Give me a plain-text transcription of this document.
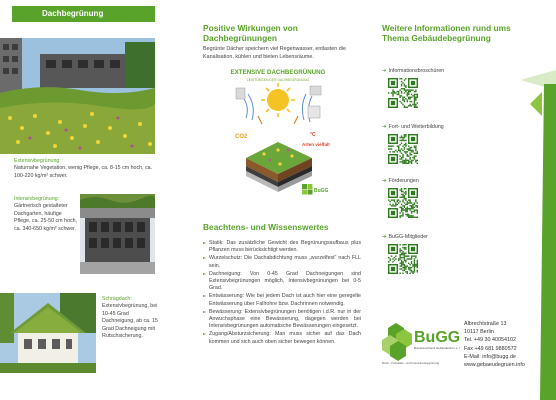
Dachbegrünung
Extensivbegrünung:
Naturnahe Vegetation, wenig Pflege, ca. 8-15 cm hoch, ca. 100-220 kg/m² schwer.
Intensivbegrünung:
Gärtnerisch gestalteter Dachgarten, häufige Pflege, ca. 25-50 cm hoch, ca. 340-650 kg/m² schwer.
Schrägdach:
Extensivbegrünung, bei 10-45 Grad Dachneigung, ab ca. 15 Grad Dachneigung mit Rutschsicherung.
Positive Wirkungen von Dachbegrünungen
Begrünte Dächer speichern viel Regenwasser, entlasten die Kanalisation, kühlen und bieten Lebensräume.
EXTENSIVE DACHBEGRÜNUNG
LEISTUNGEN DER DACHBEGRÜNUNG
CO2	°C
Arten vielfalt
BuGG
Beachtens- und Wissenswertes
Statik: Das zusätzliche Gewicht des Begrünungsaufbaus plus Pflanzen muss berücksichtigt werden.
Wurzelschutz: Die Dachabdichtung muss „wurzelfest“ nach FLL sein.
Dachneigung: Von 0-45 Grad Dachneigungen sind Extensivbegrünungen möglich, Intensivbegrünungen bei 0-5 Grad.
Entwässerung: Wie bei jedem Dach ist auch hier eine geregelte Entwässerung über Fallrohre bzw. Dachrinnen notwendig.
Bewässerung: Extensivbegrünungen benötigen i.d.R. nur in der Anwuchsphase eine Bewässerung, dagegen werden bei Intensivbegrünungen automatische Bewässerungen eingesetzt.
Zugang/Absturzsicherung: Man muss sicher auf das Dach kommen und sich auch oben sicher bewegen können.
Weitere Informationen rund ums Thema Gebäudebegrünung
➜ Informationsbroschüren
➜ Fort- und Weiterbildung
➜ Förderungen
➜ BuGG-Mitglieder
BuGG
Bundesverband GebäudeGrün e. V.
Dach-, Fassaden- und Innenraumbegrünung
Albrechtstraße 13
10117 Berlin
Tel. +49 30 40054102
Fax +49 681 9880572
E-Mail: info@bugg.de
www.gebaeudegruen.info
